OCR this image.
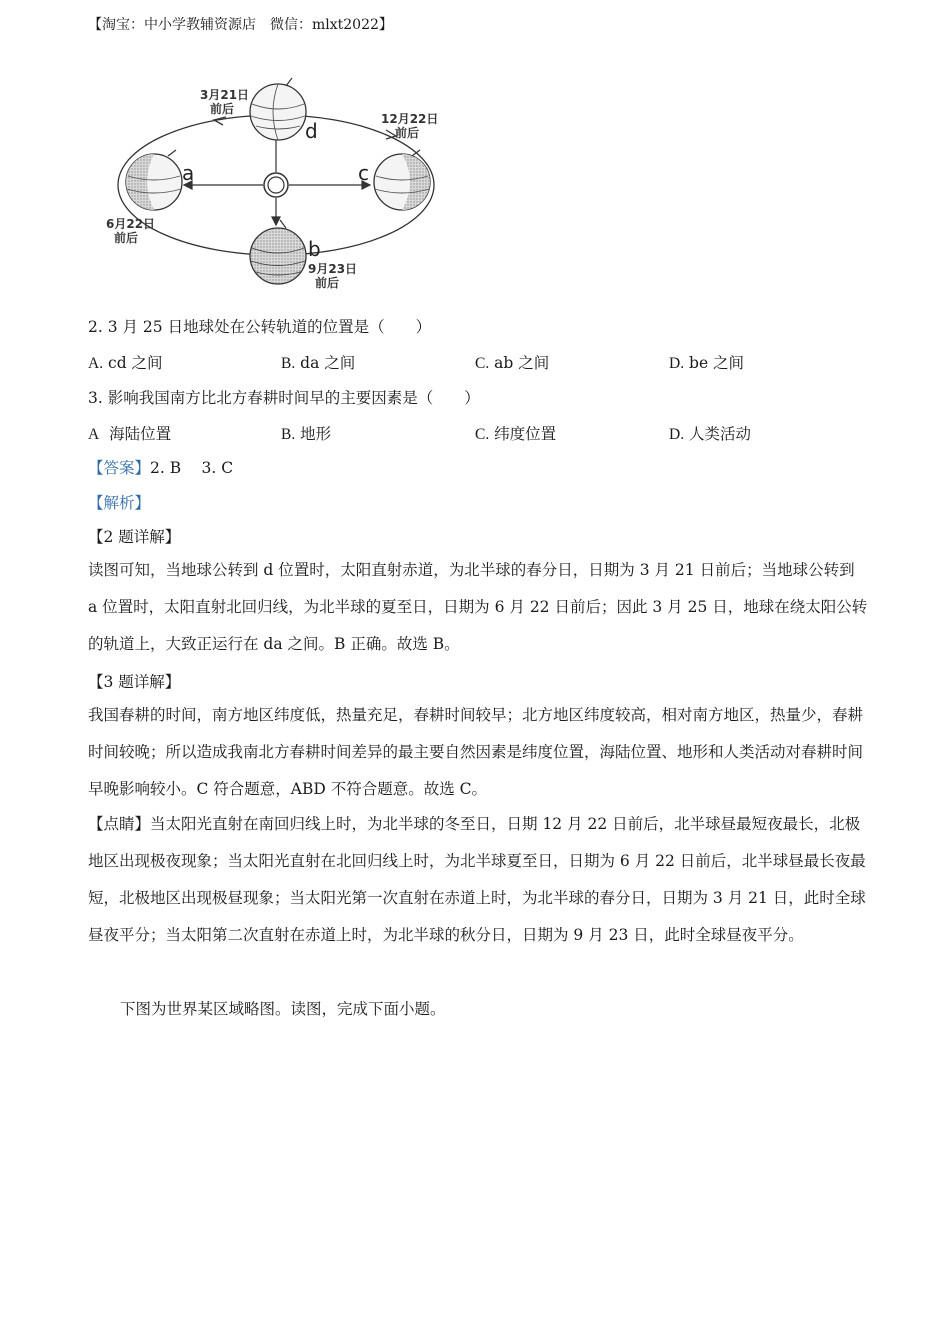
【淘宝：中小学教辅资源店　微信：mlxt2022】
d
a	c
b
3月21日
前后
12月22日
前后
6月22日
前后
9月23日
前后
2. 3 月 25 日地球处在公转轨道的位置是（　　）
A. cd 之间	B. da 之间	C. ab 之间	D. be 之间
3. 影响我国南方比北方春耕时间早的主要因素是（　　）
A 海陆位置	B. 地形	C. 纬度位置	D. 人类活动
【答案】2. B　 3. C
【解析】
【2 题详解】

读图可知，当地球公转到 d 位置时，太阳直射赤道，为北半球的春分日，日期为 3 月 21 日前后；当地球公转到 a 位置时，太阳直射北回归线，为北半球的夏至日，日期为 6 月 22 日前后；因此 3 月 25 日，地球在绕太阳公转的轨道上，大致正运行在 da 之间。B 正确。故选 B。

【3 题详解】

我国春耕的时间，南方地区纬度低，热量充足，春耕时间较早；北方地区纬度较高，相对南方地区，热量少，春耕时间较晚；所以造成我南北方春耕时间差异的最主要自然因素是纬度位置，海陆位置、地形和人类活动对春耕时间早晚影响较小。C 符合题意，ABD 不符合题意。故选 C。

【点睛】当太阳光直射在南回归线上时，为北半球的冬至日，日期 12 月 22 日前后，北半球昼最短夜最长，北极地区出现极夜现象；当太阳光直射在北回归线上时，为北半球夏至日，日期为 6 月 22 日前后，北半球昼最长夜最短，北极地区出现极昼现象；当太阳光第一次直射在赤道上时，为北半球的春分日，日期为 3 月 21 日，此时全球昼夜平分；当太阳第二次直射在赤道上时，为北半球的秋分日，日期为 9 月 23 日，此时全球昼夜平分。

下图为世界某区域略图。读图，完成下面小题。
